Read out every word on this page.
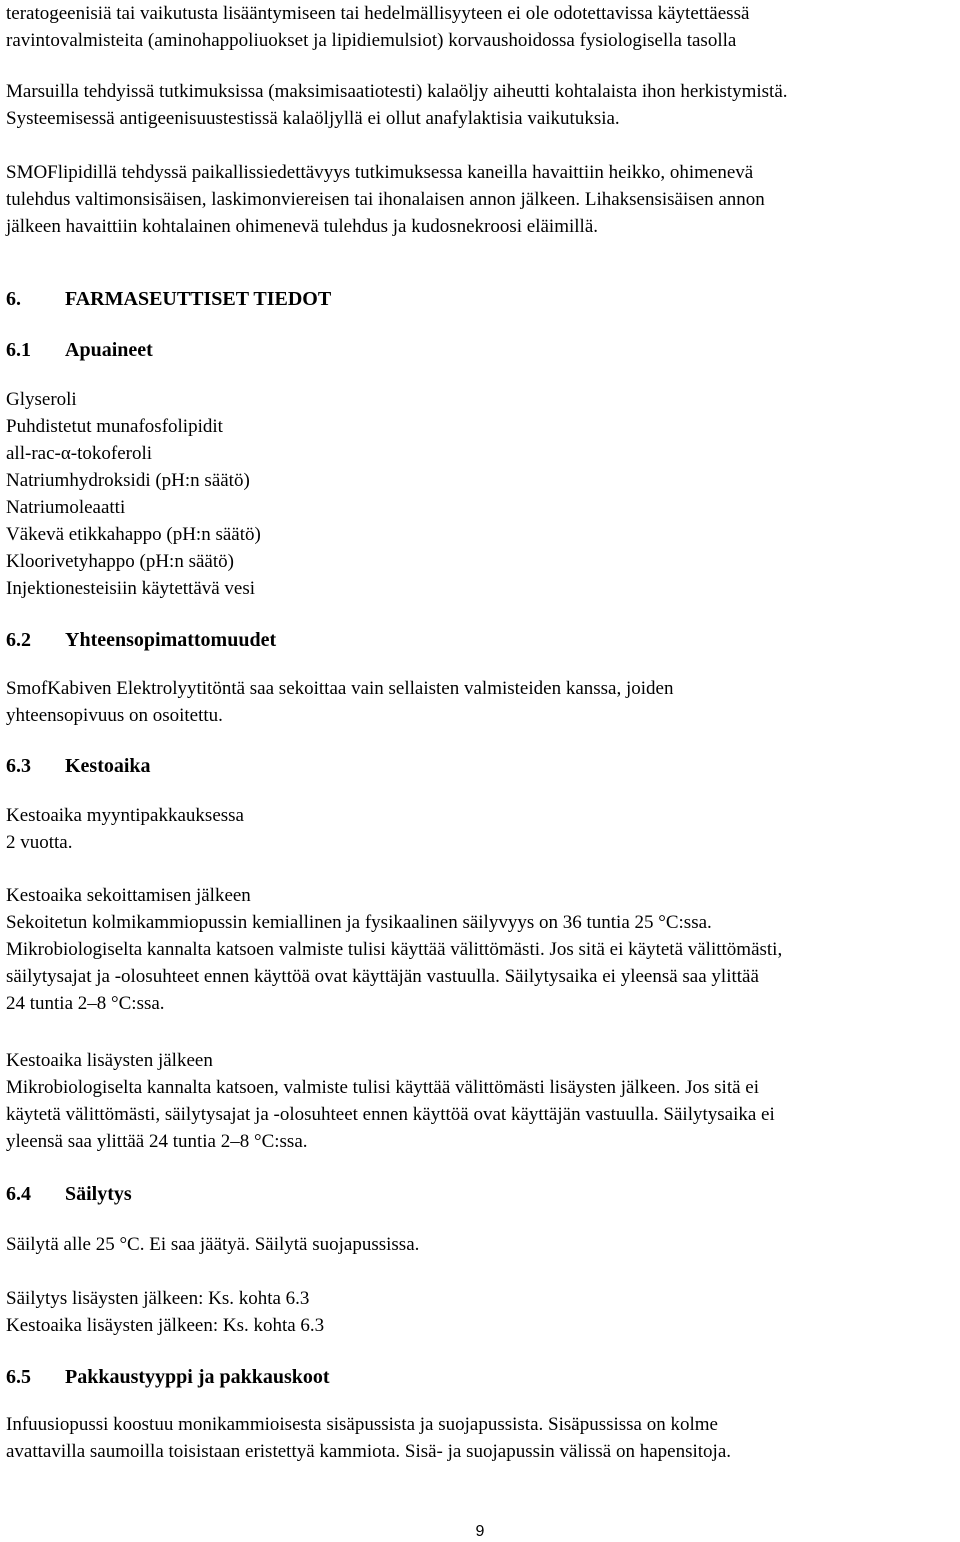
teratogeenisiä tai vaikutusta lisääntymiseen tai hedelmällisyyteen ei ole odotettavissa käytettäessä
ravintovalmisteita (aminohappoliuokset ja lipidiemulsiot) korvaushoidossa fysiologisella tasolla

Marsuilla tehdyissä tutkimuksissa (maksimisaatiotesti) kalaöljy aiheutti kohtalaista ihon herkistymistä.
Systeemisessä antigeenisuustestissä kalaöljyllä ei ollut anafylaktisia vaikutuksia.

SMOFlipidillä tehdyssä paikallissiedettävyys tutkimuksessa kaneilla havaittiin heikko, ohimenevä
tulehdus valtimonsisäisen, laskimonviereisen tai ihonalaisen annon jälkeen. Lihaksensisäisen annon
jälkeen havaittiin kohtalainen ohimenevä tulehdus ja kudosnekroosi eläimillä.

6. FARMASEUTTISET TIEDOT
6.1 Apuaineet

Glyseroli
Puhdistetut munafosfolipidit
all-rac-α-tokoferoli
Natriumhydroksidi (pH:n säätö)
Natriumoleaatti
Väkevä etikkahappo (pH:n säätö)
Kloorivetyhappo (pH:n säätö)
Injektionesteisiin käytettävä vesi

6.2 Yhteensopimattomuudet

SmofKabiven Elektrolyytitöntä saa sekoittaa vain sellaisten valmisteiden kanssa, joiden
yhteensopivuus on osoitettu.

6.3 Kestoaika

Kestoaika myyntipakkauksessa
2 vuotta.

Kestoaika sekoittamisen jälkeen
Sekoitetun kolmikammiopussin kemiallinen ja fysikaalinen säilyvyys on 36 tuntia 25 °C:ssa.
Mikrobiologiselta kannalta katsoen valmiste tulisi käyttää välittömästi. Jos sitä ei käytetä välittömästi,
säilytysajat ja -olosuhteet ennen käyttöä ovat käyttäjän vastuulla. Säilytysaika ei yleensä saa ylittää
24 tuntia 2–8 °C:ssa.

Kestoaika lisäysten jälkeen
Mikrobiologiselta kannalta katsoen, valmiste tulisi käyttää välittömästi lisäysten jälkeen. Jos sitä ei
käytetä välittömästi, säilytysajat ja -olosuhteet ennen käyttöä ovat käyttäjän vastuulla. Säilytysaika ei
yleensä saa ylittää 24 tuntia 2–8 °C:ssa.

6.4 Säilytys

Säilytä alle 25 °C. Ei saa jäätyä. Säilytä suojapussissa.

Säilytys lisäysten jälkeen: Ks. kohta 6.3
Kestoaika lisäysten jälkeen: Ks. kohta 6.3

6.5 Pakkaustyyppi ja pakkauskoot

Infuusiopussi koostuu monikammioisesta sisäpussista ja suojapussista. Sisäpussissa on kolme
avattavilla saumoilla toisistaan eristettyä kammiota. Sisä- ja suojapussin välissä on hapensitoja.

9
